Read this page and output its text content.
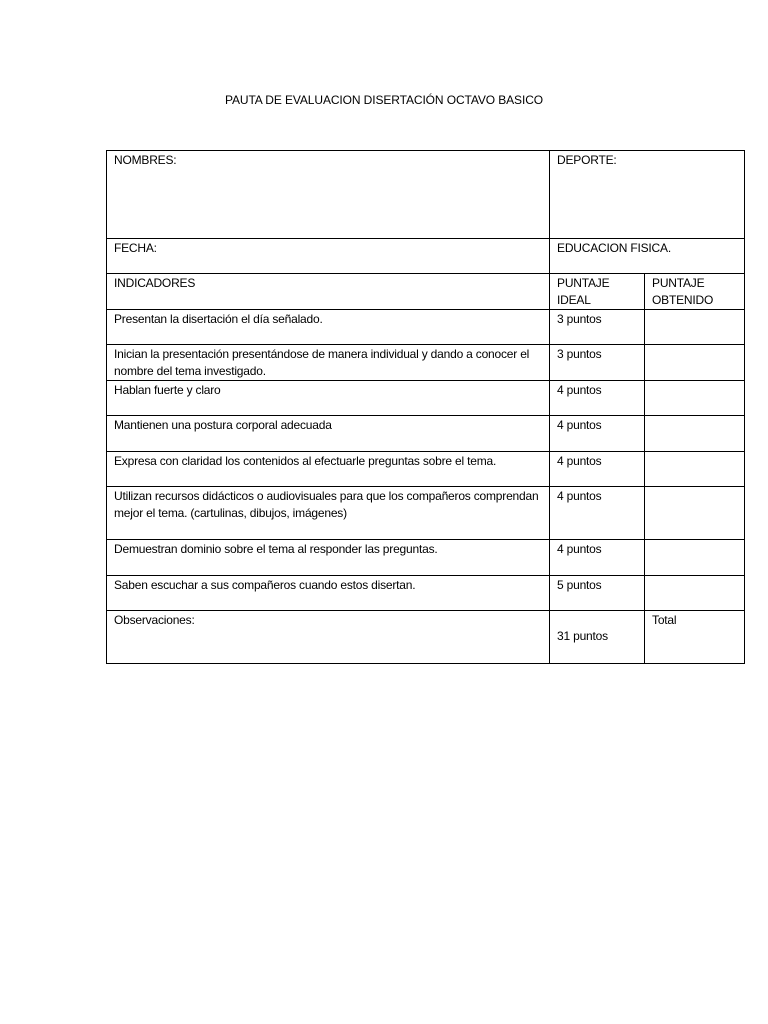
PAUTA DE EVALUACION DISERTACIÓN OCTAVO BASICO
NOMBRES:	DEPORTE:	
FECHA:	EDUCACION FISICA.	
INDICADORES	PUNTAJE IDEAL	PUNTAJE OBTENIDO
Presentan la disertación el día señalado.	3 puntos	
Inician la presentación presentándose de manera individual y dando a conocer el nombre del tema investigado.	3 puntos	
Hablan fuerte y claro	4 puntos	
Mantienen una postura corporal adecuada	4 puntos	
Expresa con claridad los contenidos al efectuarle preguntas sobre el tema.	4 puntos	
Utilizan recursos didácticos o audiovisuales para que los compañeros comprendan mejor el tema. (cartulinas, dibujos, imágenes)	4 puntos	
Demuestran dominio sobre el tema al responder las preguntas.	4 puntos	
Saben escuchar a sus compañeros cuando estos disertan.	5 puntos	
Observaciones:	31 puntos	Total
